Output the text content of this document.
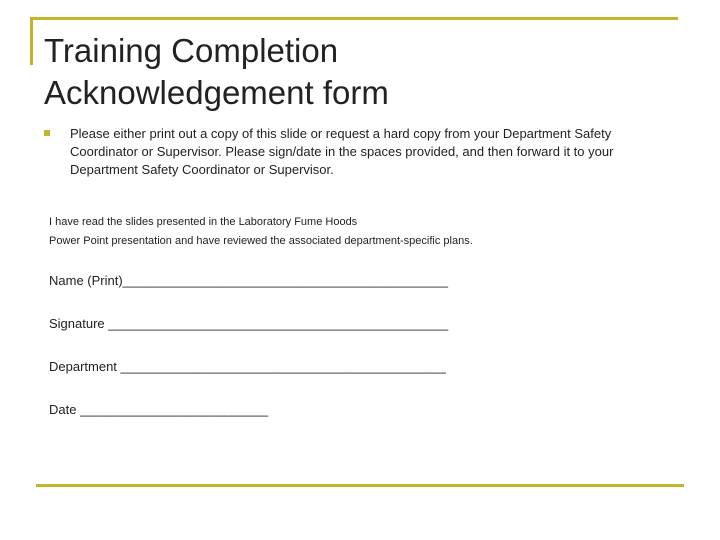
Training Completion
Acknowledgement form
Please either print out a copy of this slide or request a hard copy from your Department Safety Coordinator or Supervisor. Please sign/date in the spaces provided, and then forward it to your Department Safety Coordinator or Supervisor.
I have read the slides presented in the Laboratory Fume Hoods
Power Point presentation and have reviewed the associated department-specific plans.
Name (Print)_____________________________________________
Signature _______________________________________________
Department _____________________________________________
Date __________________________
